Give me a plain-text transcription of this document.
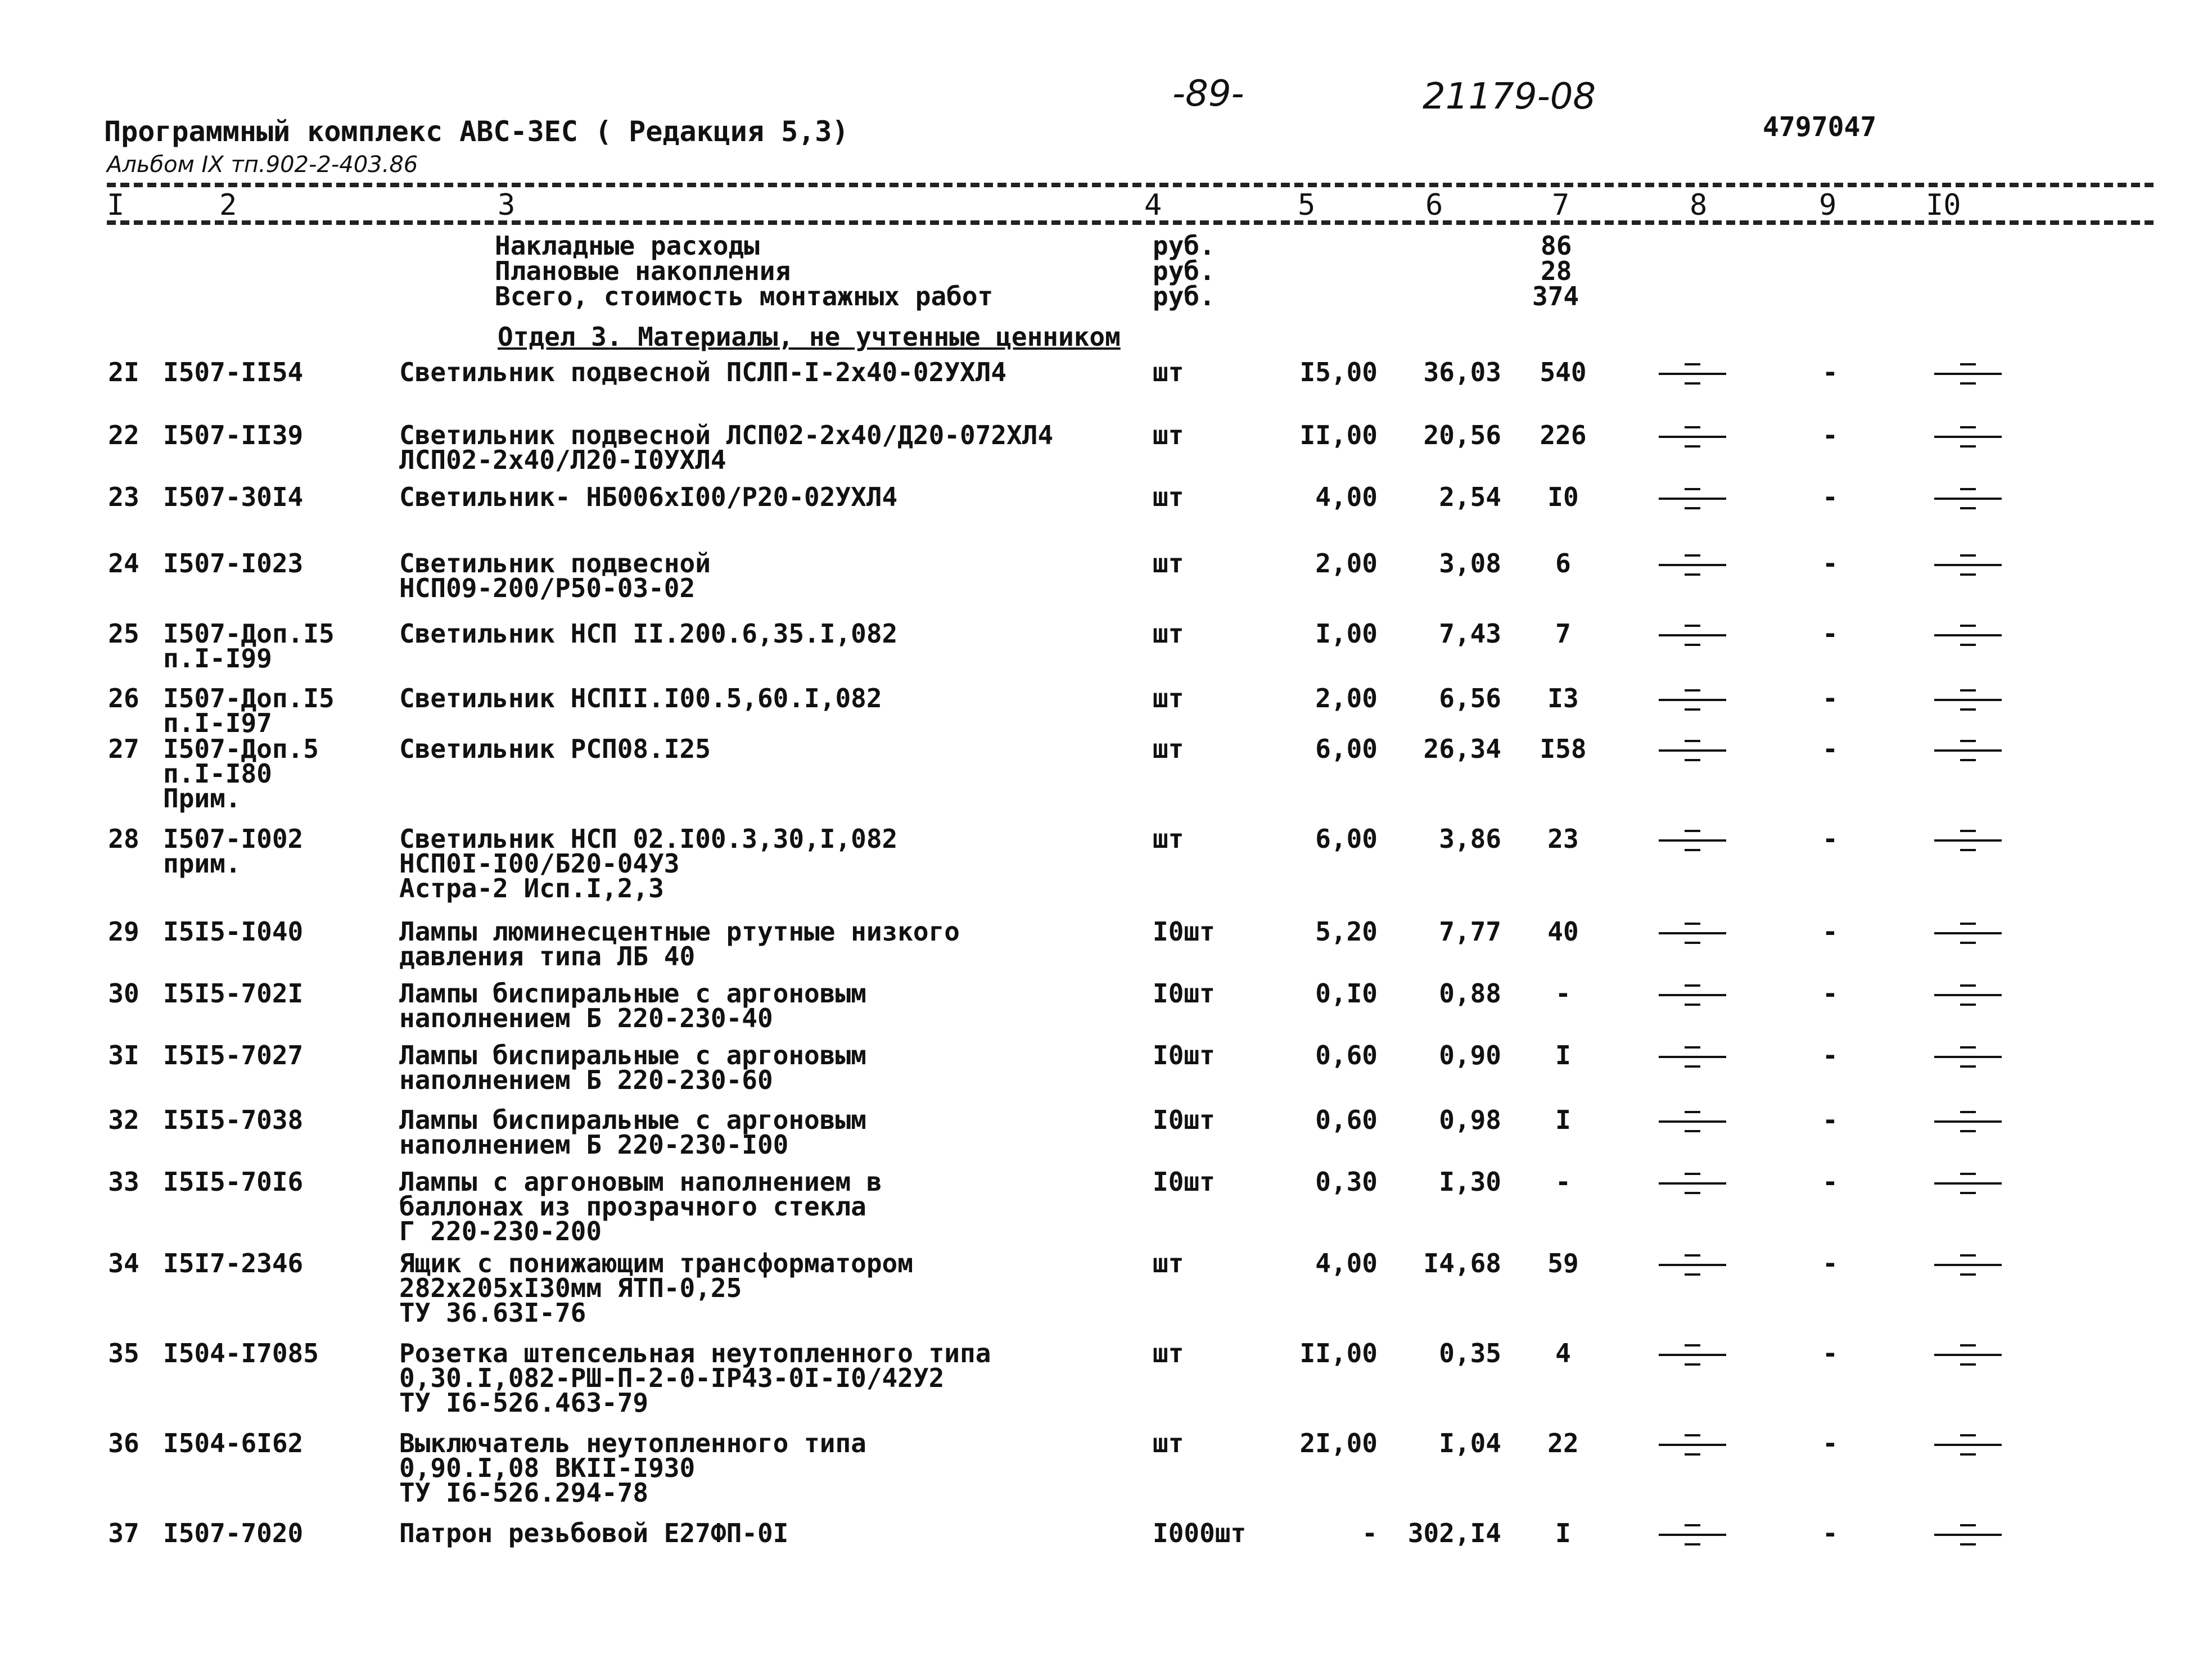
-89-	21179-08
4797047
Программный комплекс АВС-ЗЕС ( Редакция 5,3)
Альбом IX тп.902-2-403.86
I	2	3	4	5	6	7	8	9	I0
Накладные расходы	руб.	86
Плановые накопления	руб.	28
Всего, стоимость монтажных работ	руб.	374
Отдел 3. Материалы, не учтенные ценником
2I I507-II54	Светильник подвесной ПСЛП-I-2х40-02УХЛ4	шт	I5,00	36,03	540	-
22 I507-II39	Светильник подвесной ЛСП02-2х40/Д20-072ХЛ4
ЛСП02-2х40/Л20-I0УХЛ4
шт	II,00	20,56	226	-
23 I507-30I4	Светильник- НБ006хI00/Р20-02УХЛ4	шт	4,00	2,54	I0	-
24 I507-I023	Светильник подвесной
НСП09-200/Р50-03-02
шт	2,00	3,08	6	-
25 I507-Доп.I5
п.I-I99
Светильник НСП II.200.6,35.I,082	шт	I,00	7,43	7	-
26 I507-Доп.I5
п.I-I97
Светильник НСПII.I00.5,60.I,082	шт	2,00	6,56	I3	-
27 I507-Доп.5
п.I-I80
Прим.
Светильник РСП08.I25	шт	6,00	26,34	I58	-
28 I507-I002
прим.
Светильник НСП 02.I00.3,30,I,082
НСП0I-I00/Б20-04У3
Астра-2 Исп.I,2,3
шт	6,00	3,86	23	-
29 I5I5-I040	Лампы люминесцентные ртутные низкого
давления типа ЛБ 40
I0шт	5,20	7,77	40	-
30 I5I5-702I	Лампы биспиральные с аргоновым
наполнением Б 220-230-40
I0шт	0,I0	0,88	-	-
3I I5I5-7027	Лампы биспиральные с аргоновым
наполнением Б 220-230-60
I0шт	0,60	0,90	I	-
32 I5I5-7038	Лампы биспиральные с аргоновым
наполнением Б 220-230-I00
I0шт	0,60	0,98	I	-
33 I5I5-70I6	Лампы с аргоновым наполнением в
баллонах из прозрачного стекла
Г 220-230-200
I0шт	0,30	I,30	-	-
34 I5I7-2346	Ящик с понижающим трансформатором
282х205хI30мм ЯТП-0,25
ТУ 36.63I-76
шт	4,00	I4,68	59	-
35 I504-I7085	Розетка штепсельная неутопленного типа
0,30.I,082-РШ-П-2-0-IP43-0I-I0/42У2
ТУ I6-526.463-79
шт	II,00	0,35	4	-
36 I504-6I62	Выключатель неутопленного типа
0,90.I,08 ВКII-I930
ТУ I6-526.294-78
шт	2I,00	I,04	22	-
37 I507-7020	Патрон резьбовой Е27ФП-0I	I000шт	-	302,I4	I	-
